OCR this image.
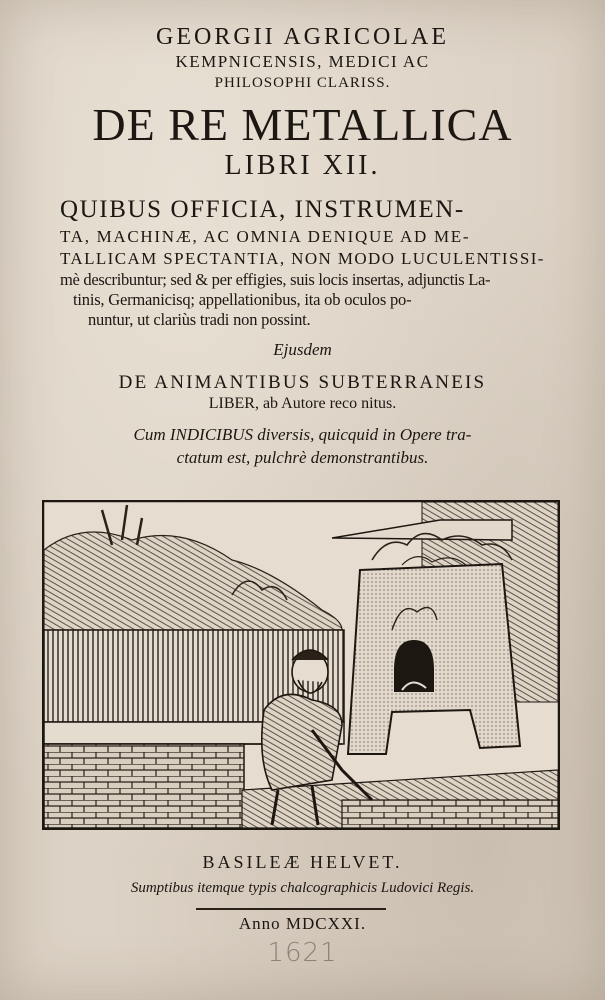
GEORGII AGRICOLAE
KEMPNICENSIS, MEDICI AC
PHILOSOPHI CLARISS.
DE RE METALLICA
LIBRI XII.
QUIBUS OFFICIA, INSTRUMEN-
TA, MACHINÆ, AC OMNIA DENIQUE AD ME-
TALLICAM SPECTANTIA, NON MODO LUCULENTISSI-
mè describuntur; sed & per effigies, suis locis insertas, adjunctis La-
tinis, Germanicisq; appellationibus, ita ob oculos po-
nuntur, ut clariùs tradi non possint.
Ejusdem
DE ANIMANTIBUS SUBTERRANEIS
LIBER, ab Autore reco nitus.
Cum INDICIBUS diversis, quicquid in Opere tra-
ctatum est, pulchrè demonstrantibus.
BASILEÆ HELVET.
Sumptibus itemque typis chalcographicis Ludovici Regis.
Anno MDCXXI.
1621
